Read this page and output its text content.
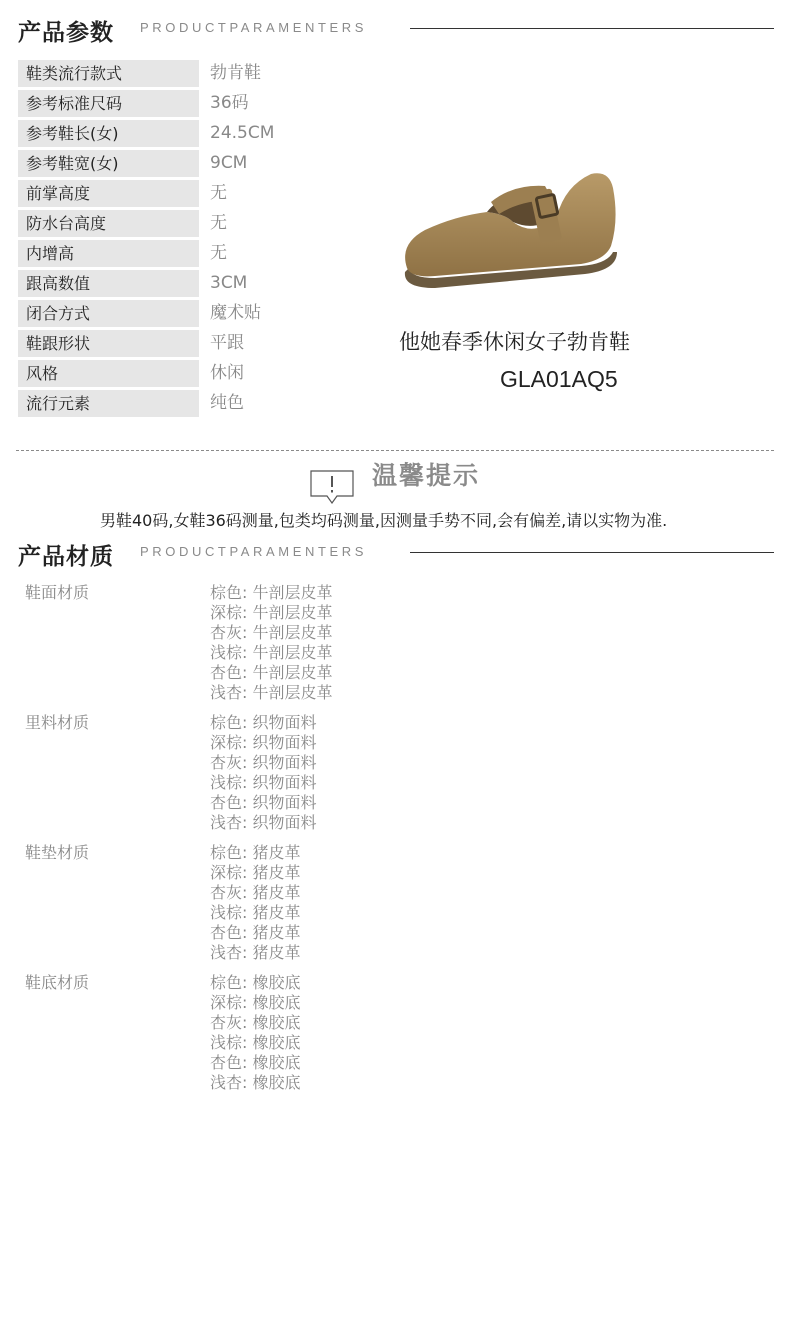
产品参数 PRODUCTPARAMENTERS
鞋类流行款式	勃肯鞋
参考标准尺码	36码
参考鞋长(女)	24.5CM
参考鞋宽(女)	9CM
前掌高度	无
防水台高度	无
内增高	无
跟高数值	3CM
闭合方式	魔术贴
鞋跟形状	平跟
风格	休闲
流行元素	纯色
他她春季休闲女子勃肯鞋
GLA01AQ5
温馨提示
男鞋40码,女鞋36码测量,包类均码测量,因测量手势不同,会有偏差,请以实物为准.
产品材质 PRODUCTPARAMENTERS
鞋面材质	棕色: 牛剖层皮革
深棕: 牛剖层皮革
杏灰: 牛剖层皮革
浅棕: 牛剖层皮革
杏色: 牛剖层皮革
浅杏: 牛剖层皮革
里料材质	棕色: 织物面料
深棕: 织物面料
杏灰: 织物面料
浅棕: 织物面料
杏色: 织物面料
浅杏: 织物面料
鞋垫材质	棕色: 猪皮革
深棕: 猪皮革
杏灰: 猪皮革
浅棕: 猪皮革
杏色: 猪皮革
浅杏: 猪皮革
鞋底材质	棕色: 橡胶底
深棕: 橡胶底
杏灰: 橡胶底
浅棕: 橡胶底
杏色: 橡胶底
浅杏: 橡胶底
